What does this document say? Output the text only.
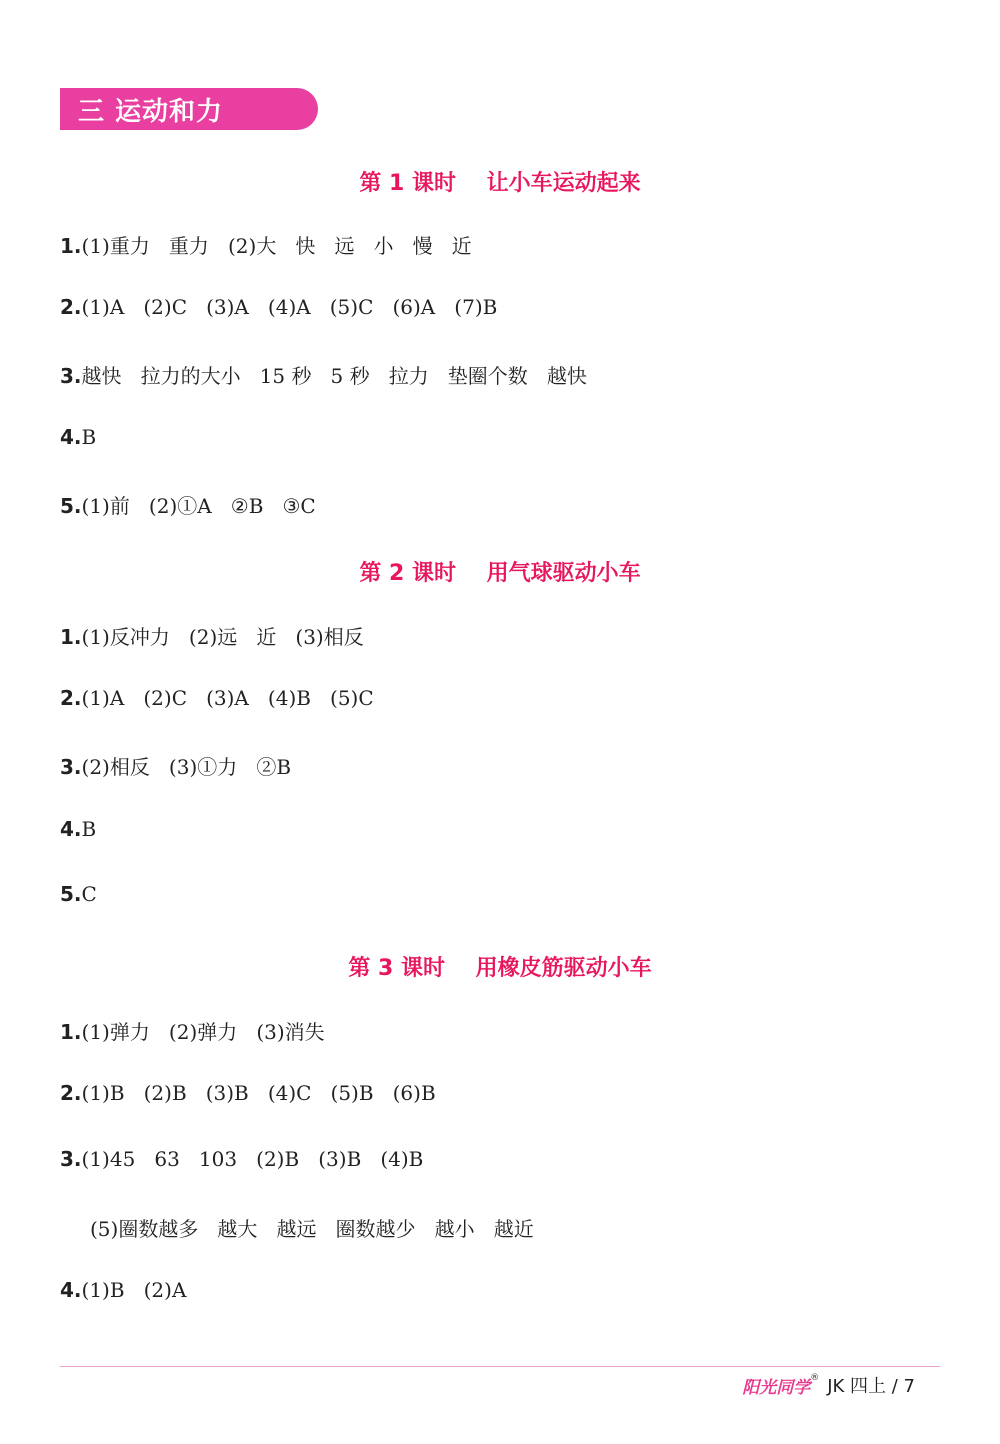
三 运动和力
第 1 课时    让小车运动起来
1.(1)重力   重力   (2)大   快   远   小   慢   近
2.(1)A   (2)C   (3)A   (4)A   (5)C   (6)A   (7)B
3.越快   拉力的大小   15 秒   5 秒   拉力   垫圈个数   越快
4.B
5.(1)前   (2)①A   ②B   ③C
第 2 课时    用气球驱动小车
1.(1)反冲力   (2)远   近   (3)相反
2.(1)A   (2)C   (3)A   (4)B   (5)C
3.(2)相反   (3)①力   ②B
4.B
5.C
第 3 课时    用橡皮筋驱动小车
1.(1)弹力   (2)弹力   (3)消失
2.(1)B   (2)B   (3)B   (4)C   (5)B   (6)B
3.(1)45   63   103   (2)B   (3)B   (4)B
(5)圈数越多   越大   越远   圈数越少   越小   越近
4.(1)B   (2)A
阳光同学® JK 四上 / 7
